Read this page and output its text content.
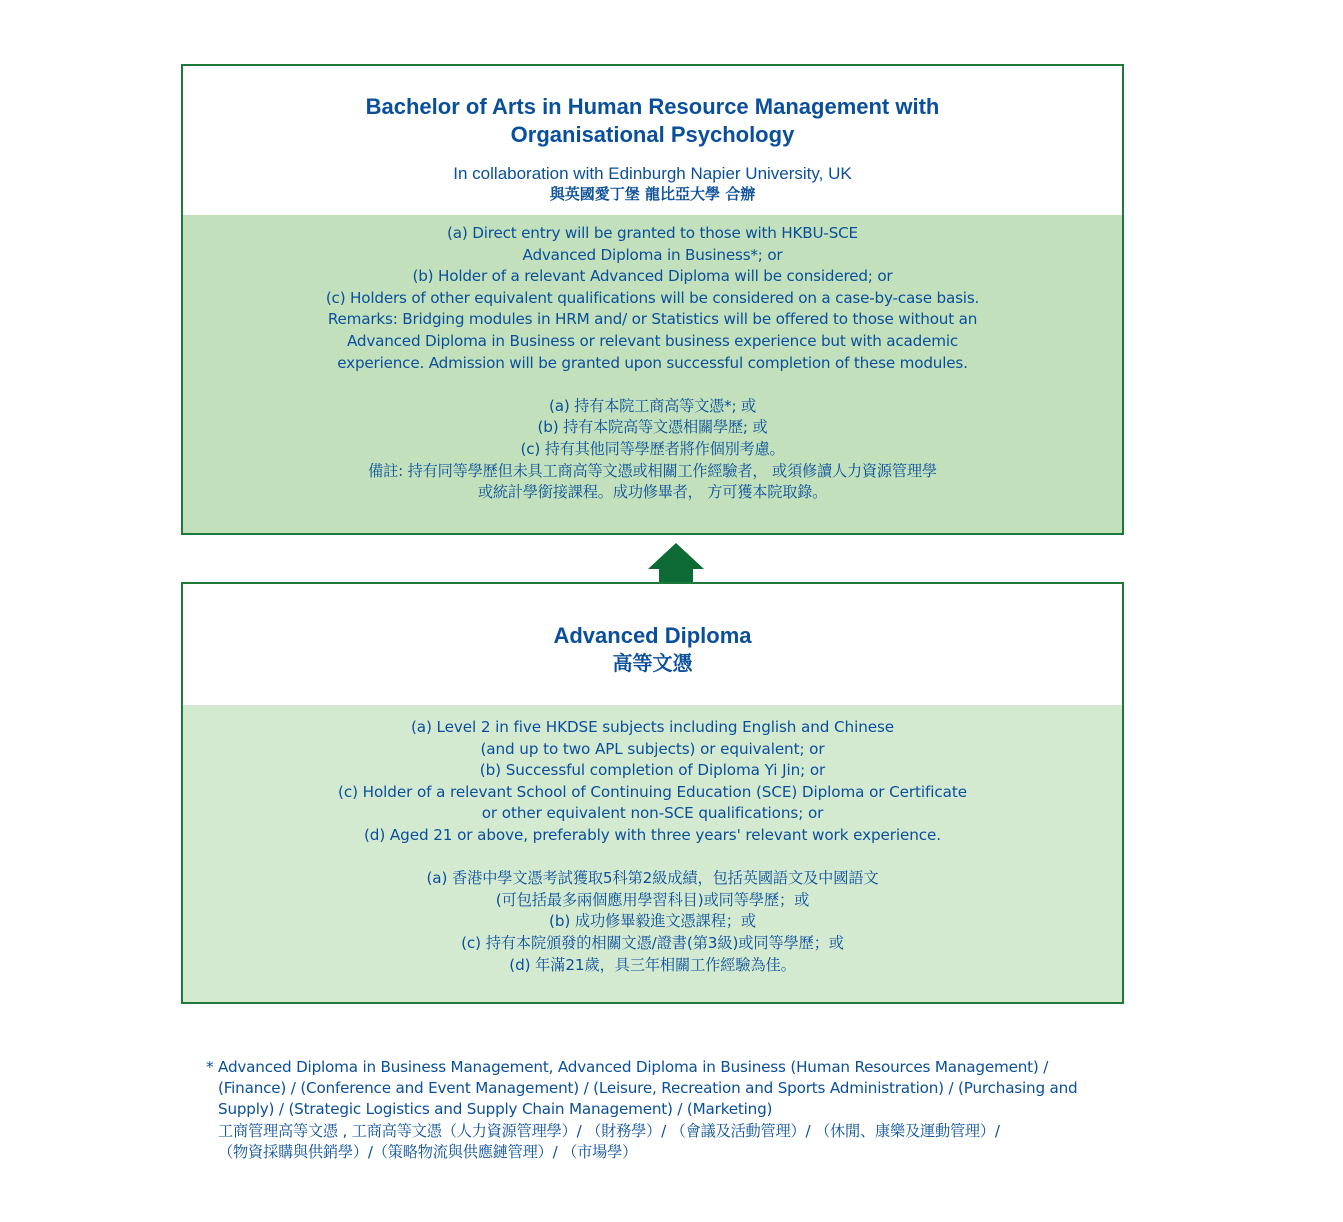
Bachelor of Arts in Human Resource Management with
Organisational Psychology
In collaboration with Edinburgh Napier University, UK
與英國愛丁堡 龍比亞大學 合辦
(a) Direct entry will be granted to those with HKBU-SCE
Advanced Diploma in Business*; or
(b) Holder of a relevant Advanced Diploma will be considered; or
(c) Holders of other equivalent qualifications will be considered on a case-by-case basis.
Remarks: Bridging modules in HRM and/ or Statistics will be offered to those without an
Advanced Diploma in Business or relevant business experience but with academic
experience. Admission will be granted upon successful completion of these modules.
(a) 持有本院工商高等文憑*; 或
(b) 持有本院高等文憑相關學歷; 或
(c) 持有其他同等學歷者將作個別考慮。
備註: 持有同等學歷但未具工商高等文憑或相關工作經驗者， 或須修讀人力資源管理學
或統計學銜接課程。成功修畢者， 方可獲本院取錄。
Advanced Diploma
高等文憑
(a) Level 2 in five HKDSE subjects including English and Chinese
(and up to two APL subjects) or equivalent; or
(b) Successful completion of Diploma Yi Jin; or
(c) Holder of a relevant School of Continuing Education (SCE) Diploma or Certificate
or other equivalent non-SCE qualifications; or
(d) Aged 21 or above, preferably with three years' relevant work experience.
(a) 香港中學文憑考試獲取5科第2級成績，包括英國語文及中國語文
(可包括最多兩個應用學習科目)或同等學歷；或
(b) 成功修畢毅進文憑課程；或
(c) 持有本院頒發的相關文憑/證書(第3級)或同等學歷；或
(d) 年滿21歲，具三年相關工作經驗為佳。
* Advanced Diploma in Business Management, Advanced Diploma in Business (Human Resources Management) /
(Finance) / (Conference and Event Management) / (Leisure, Recreation and Sports Administration) / (Purchasing and
Supply) / (Strategic Logistics and Supply Chain Management) / (Marketing)
工商管理高等文憑 , 工商高等文憑（人力資源管理學）/ （財務學）/ （會議及活動管理）/ （休閒、康樂及運動管理）/
（物資採購與供銷學）/（策略物流與供應鏈管理）/ （市場學）
